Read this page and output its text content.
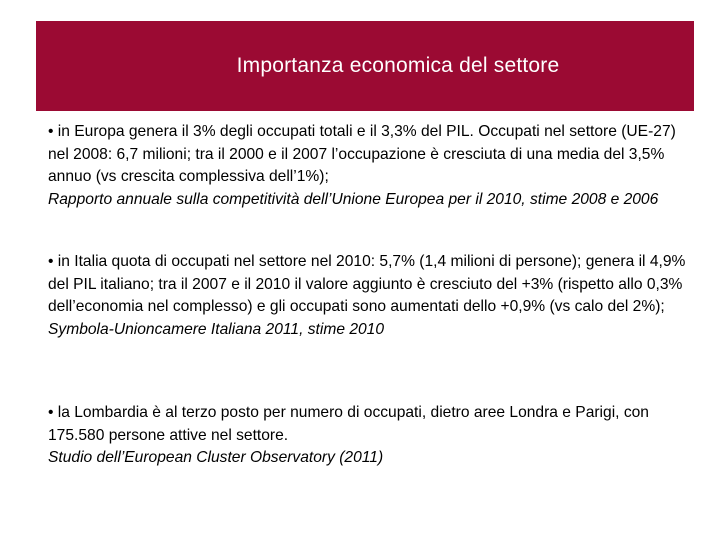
Importanza economica del settore

• in Europa genera il 3% degli occupati totali e il 3,3% del PIL. Occupati nel settore (UE-27) nel 2008: 6,7 milioni; tra il 2000 e il 2007 l’occupazione è cresciuta di una media del 3,5% annuo (vs crescita complessiva dell’1%);
Rapporto annuale sulla competitività dell’Unione Europea per il 2010, stime 2008 e 2006

• in Italia quota di occupati nel settore nel 2010: 5,7% (1,4 milioni di persone); genera il 4,9% del PIL italiano; tra il 2007 e il 2010 il valore aggiunto è cresciuto del +3% (rispetto allo 0,3% dell’economia nel complesso) e gli occupati sono aumentati dello +0,9% (vs calo del 2%);
Symbola-Unioncamere Italiana 2011, stime 2010

• la Lombardia è al terzo posto per numero di occupati, dietro aree Londra e Parigi, con 175.580 persone attive nel settore.
Studio dell’European Cluster Observatory (2011)
